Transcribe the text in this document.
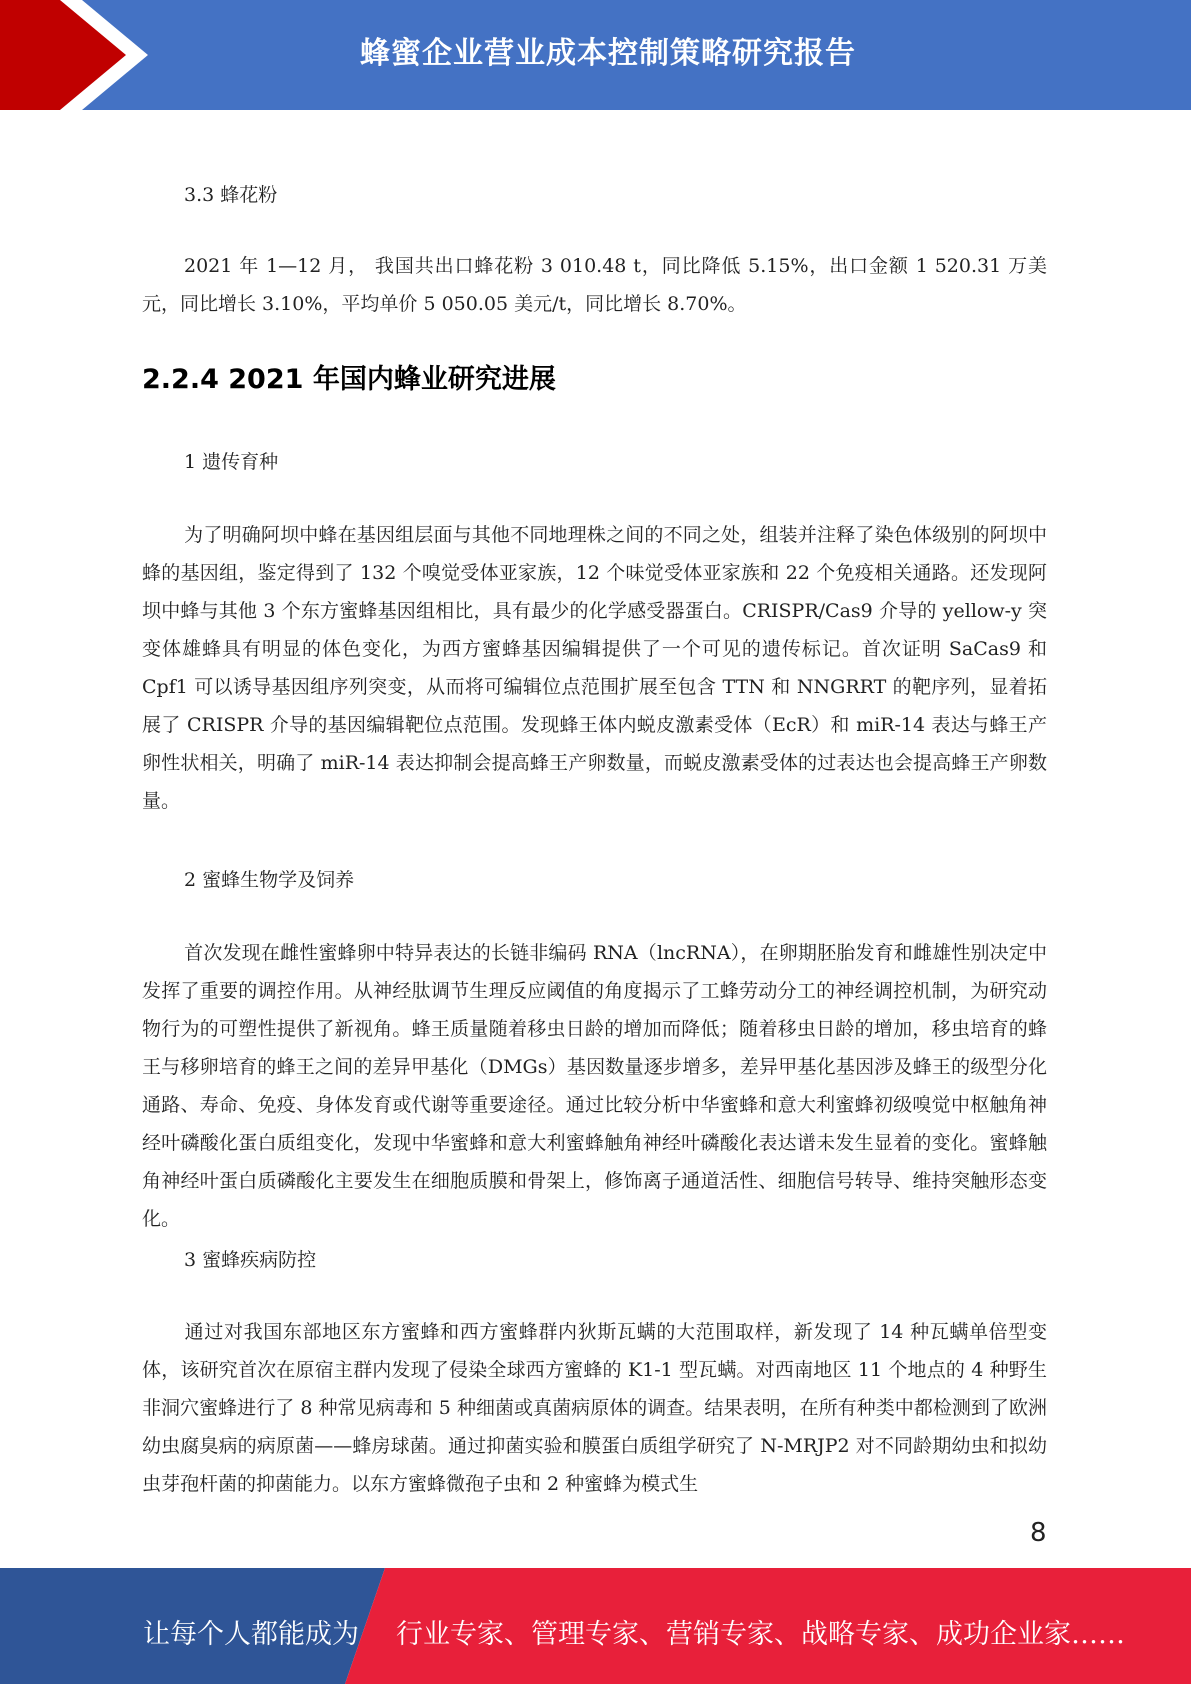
蜂蜜企业营业成本控制策略研究报告
3.3 蜂花粉
2021 年 1—12 月， 我国共出口蜂花粉 3 010.48 t，同比降低 5.15%，出口金额 1 520.31 万美元，同比增长 3.10%，平均单价 5 050.05 美元/t，同比增长 8.70%。
2.2.4 2021 年国内蜂业研究进展
1 遗传育种
为了明确阿坝中蜂在基因组层面与其他不同地理株之间的不同之处，组装并注释了染色体级别的阿坝中蜂的基因组，鉴定得到了 132 个嗅觉受体亚家族，12 个味觉受体亚家族和 22 个免疫相关通路。还发现阿坝中蜂与其他 3 个东方蜜蜂基因组相比，具有最少的化学感受器蛋白。CRISPR/Cas9 介导的 yellow-y 突变体雄蜂具有明显的体色变化，为西方蜜蜂基因编辑提供了一个可见的遗传标记。首次证明 SaCas9 和 Cpf1 可以诱导基因组序列突变，从而将可编辑位点范围扩展至包含 TTN 和 NNGRRT 的靶序列，显着拓展了 CRISPR 介导的基因编辑靶位点范围。发现蜂王体内蜕皮激素受体（EcR）和 miR-14 表达与蜂王产卵性状相关，明确了 miR-14 表达抑制会提高蜂王产卵数量，而蜕皮激素受体的过表达也会提高蜂王产卵数量。
2 蜜蜂生物学及饲养
首次发现在雌性蜜蜂卵中特异表达的长链非编码 RNA（lncRNA），在卵期胚胎发育和雌雄性别决定中发挥了重要的调控作用。从神经肽调节生理反应阈值的角度揭示了工蜂劳动分工的神经调控机制，为研究动物行为的可塑性提供了新视角。蜂王质量随着移虫日龄的增加而降低；随着移虫日龄的增加，移虫培育的蜂王与移卵培育的蜂王之间的差异甲基化（DMGs）基因数量逐步增多，差异甲基化基因涉及蜂王的级型分化通路、寿命、免疫、身体发育或代谢等重要途径。通过比较分析中华蜜蜂和意大利蜜蜂初级嗅觉中枢触角神经叶磷酸化蛋白质组变化，发现中华蜜蜂和意大利蜜蜂触角神经叶磷酸化表达谱未发生显着的变化。蜜蜂触角神经叶蛋白质磷酸化主要发生在细胞质膜和骨架上，修饰离子通道活性、细胞信号转导、维持突触形态变化。
3 蜜蜂疾病防控
通过对我国东部地区东方蜜蜂和西方蜜蜂群内狄斯瓦螨的大范围取样，新发现了 14 种瓦螨单倍型变体，该研究首次在原宿主群内发现了侵染全球西方蜜蜂的 K1-1 型瓦螨。对西南地区 11 个地点的 4 种野生非洞穴蜜蜂进行了 8 种常见病毒和 5 种细菌或真菌病原体的调查。结果表明，在所有种类中都检测到了欧洲幼虫腐臭病的病原菌——蜂房球菌。通过抑菌实验和膜蛋白质组学研究了 N-MRJP2 对不同龄期幼虫和拟幼虫芽孢杆菌的抑菌能力。以东方蜜蜂微孢子虫和 2 种蜜蜂为模式生
8
让每个人都能成为 行业专家、管理专家、营销专家、战略专家、成功企业家……
